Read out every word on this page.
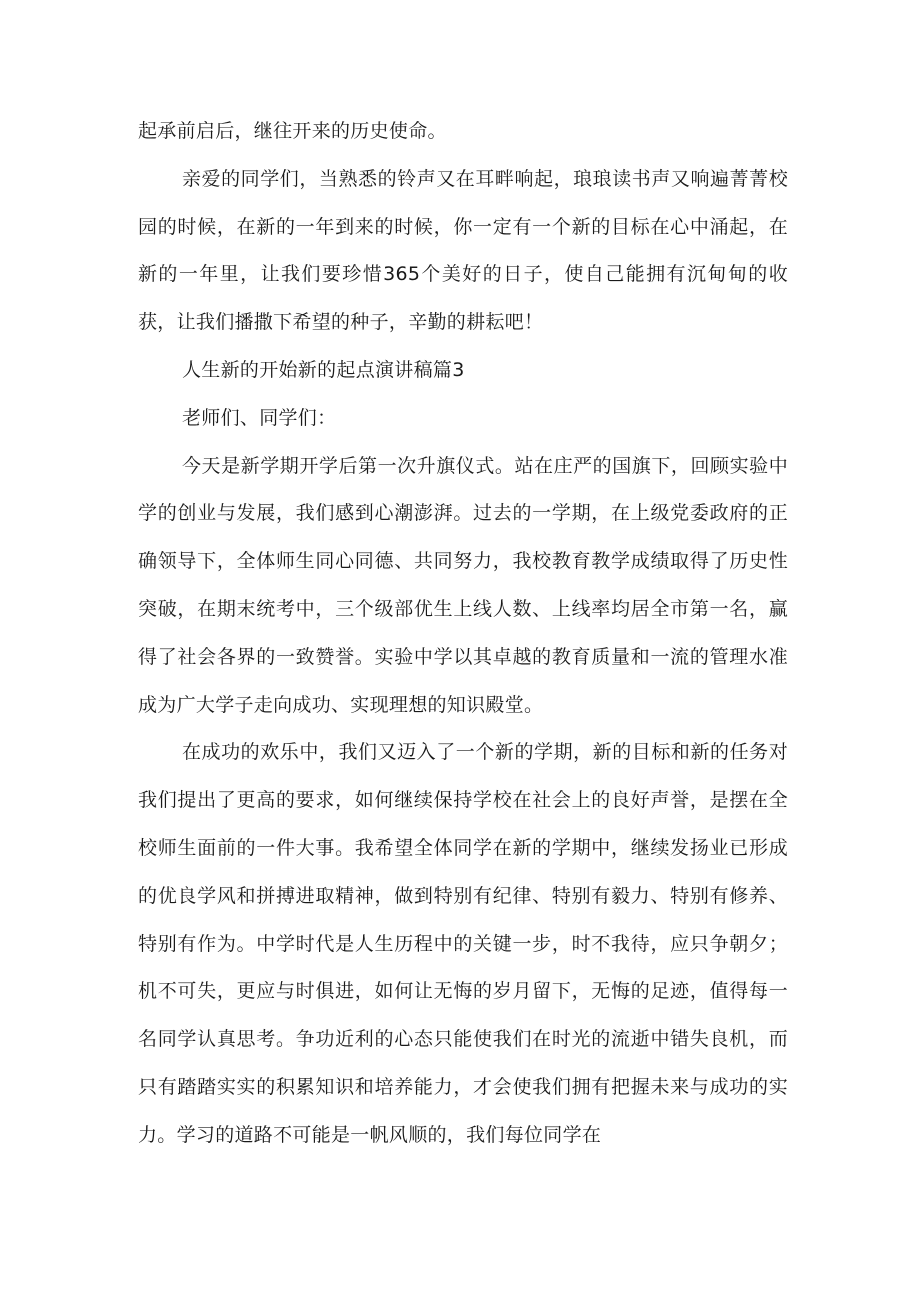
起承前启后，继往开来的历史使命。

亲爱的同学们，当熟悉的铃声又在耳畔响起，琅琅读书声又响遍菁菁校园的时候，在新的一年到来的时候，你一定有一个新的目标在心中涌起，在新的一年里，让我们要珍惜365个美好的日子，使自己能拥有沉甸甸的收获，让我们播撒下希望的种子，辛勤的耕耘吧！

人生新的开始新的起点演讲稿篇3

老师们、同学们：

今天是新学期开学后第一次升旗仪式。站在庄严的国旗下，回顾实验中学的创业与发展，我们感到心潮澎湃。过去的一学期，在上级党委政府的正确领导下，全体师生同心同德、共同努力，我校教育教学成绩取得了历史性突破，在期末统考中，三个级部优生上线人数、上线率均居全市第一名，赢得了社会各界的一致赞誉。实验中学以其卓越的教育质量和一流的管理水准成为广大学子走向成功、实现理想的知识殿堂。

在成功的欢乐中，我们又迈入了一个新的学期，新的目标和新的任务对我们提出了更高的要求，如何继续保持学校在社会上的良好声誉，是摆在全校师生面前的一件大事。我希望全体同学在新的学期中，继续发扬业已形成的优良学风和拼搏进取精神，做到特别有纪律、特别有毅力、特别有修养、特别有作为。中学时代是人生历程中的关键一步，时不我待，应只争朝夕；机不可失，更应与时俱进，如何让无悔的岁月留下，无悔的足迹，值得每一名同学认真思考。争功近利的心态只能使我们在时光的流逝中错失良机，而只有踏踏实实的积累知识和培养能力，才会使我们拥有把握未来与成功的实力。学习的道路不可能是一帆风顺的，我们每位同学在
